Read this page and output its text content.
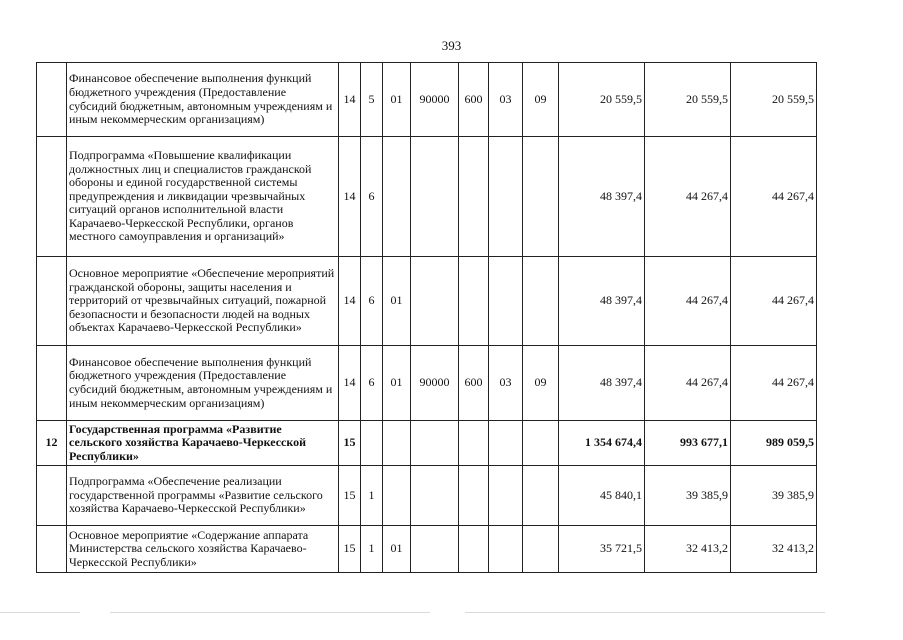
393
	Финансовое обеспечение выполнения функций бюджетного учреждения (Предоставление субсидий бюджетным, автономным учреждениям и иным некоммерческим организациям)	14	5	01	90000	600	03	09	20 559,5	20 559,5	20 559,5
	Подпрограмма «Повышение квалификации должностных лиц и специалистов гражданской обороны и единой государственной системы предупреждения и ликвидации чрезвычайных ситуаций органов исполнительной власти Карачаево-Черкесской Республики, органов местного самоуправления и организаций»	14	6						48 397,4	44 267,4	44 267,4
	Основное мероприятие «Обеспечение мероприятий гражданской обороны, защиты населения и территорий от чрезвычайных ситуаций, пожарной безопасности и безопасности людей на водных объектах Карачаево-Черкесской Республики»	14	6	01					48 397,4	44 267,4	44 267,4
	Финансовое обеспечение выполнения функций бюджетного учреждения (Предоставление субсидий бюджетным, автономным учреждениям и иным некоммерческим организациям)	14	6	01	90000	600	03	09	48 397,4	44 267,4	44 267,4
12	Государственная программа «Развитие сельского хозяйства Карачаево-Черкесской Республики»	15							1 354 674,4	993 677,1	989 059,5
	Подпрограмма «Обеспечение реализации государственной программы «Развитие сельского хозяйства Карачаево-Черкесской Республики»	15	1						45 840,1	39 385,9	39 385,9
	Основное мероприятие «Содержание аппарата Министерства сельского хозяйства Карачаево-Черкесской Республики»	15	1	01					35 721,5	32 413,2	32 413,2
